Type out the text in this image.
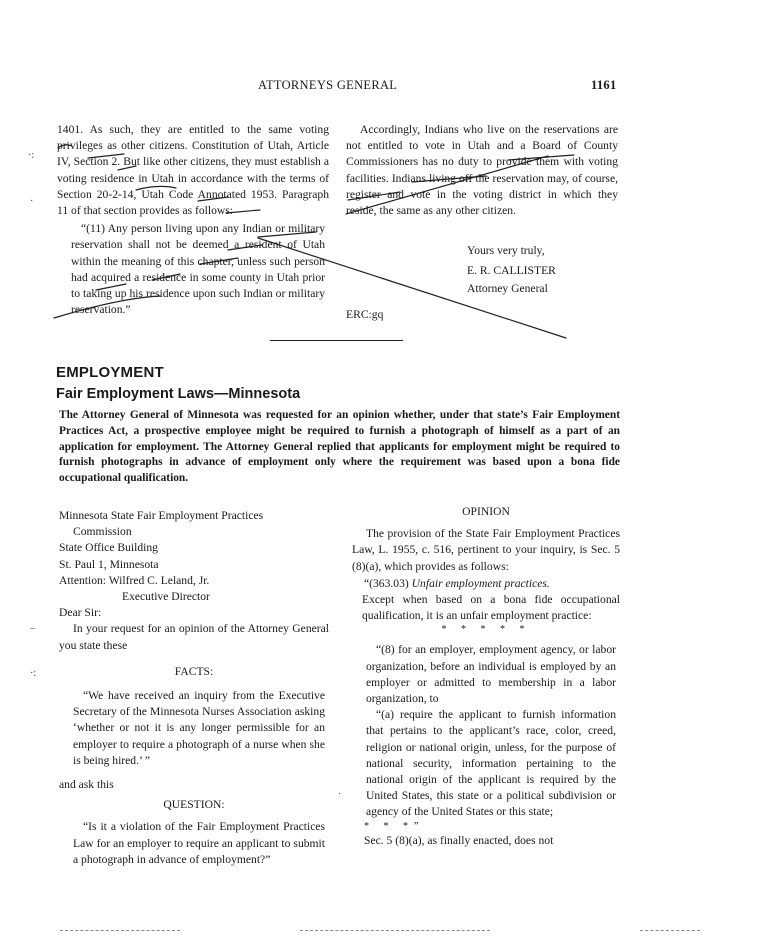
ATTORNEYS GENERAL	1161

1401. As such, they are entitled to the same voting privileges as other citizens. Constitution of Utah, Article IV, Section 2. But like other citizens, they must establish a voting residence in Utah in accordance with the terms of Section 20-2-14, Utah Code Annotated 1953. Paragraph 11 of that section provides as follows:

“(11) Any person living upon any Indian or military reservation shall not be deemed a resident of Utah within the meaning of this chapter, unless such person had acquired a residence in some county in Utah prior to taking up his residence upon such Indian or military reservation.”

Accordingly, Indians who live on the reservations are not entitled to vote in Utah and a Board of County Commissioners has no duty to provide them with voting facilities. Indians living off the reservation may, of course, register and vote in the voting district in which they reside, the same as any other citizen.

Yours very truly,
E. R. CALLISTER
Attorney General
ERC:gq
EMPLOYMENT
Fair Employment Laws—Minnesota
The Attorney General of Minnesota was requested for an opinion whether, under that state’s Fair Employment Practices Act, a prospective employee might be required to furnish a photograph of himself as a part of an application for employment. The Attorney General replied that applicants for employment might be required to furnish photographs in advance of employment only where the requirement was based upon a bona fide occupational qualification.

Minnesota State Fair Employment Practices

Commission

State Office Building

St. Paul 1, Minnesota

Attention: Wilfred C. Leland, Jr.

Executive Director

Dear Sir:

In your request for an opinion of the Attorney General you state these

FACTS:

“We have received an inquiry from the Executive Secretary of the Minnesota Nurses Association asking ‘whether or not it is any longer permissible for an employer to require a photograph of a nurse when she is being hired.’ ”

and ask this

QUESTION:

“Is it a violation of the Fair Employment Practices Law for an employer to require an applicant to submit a photograph in advance of employment?”

OPINION

The provision of the State Fair Employment Practices Law, L. 1955, c. 516, pertinent to your inquiry, is Sec. 5 (8)(a), which provides as follows:

“(363.03) Unfair employment practices.

Except when based on a bona fide occupational qualification, it is an unfair employment practice:

* * * * *

“(8) for an employer, employment agency, or labor organization, before an individual is employed by an employer or admitted to membership in a labor organization, to

“(a) require the applicant to furnish information that pertains to the applicant’s race, color, creed, religion or national origin, unless, for the purpose of national security, information pertaining to the national origin of the applicant is required by the United States, this state or a political subdivision or agency of the United States or this state;

* * *”

Sec. 5 (8)(a), as finally enacted, does not

·:
·
–
·:
·
